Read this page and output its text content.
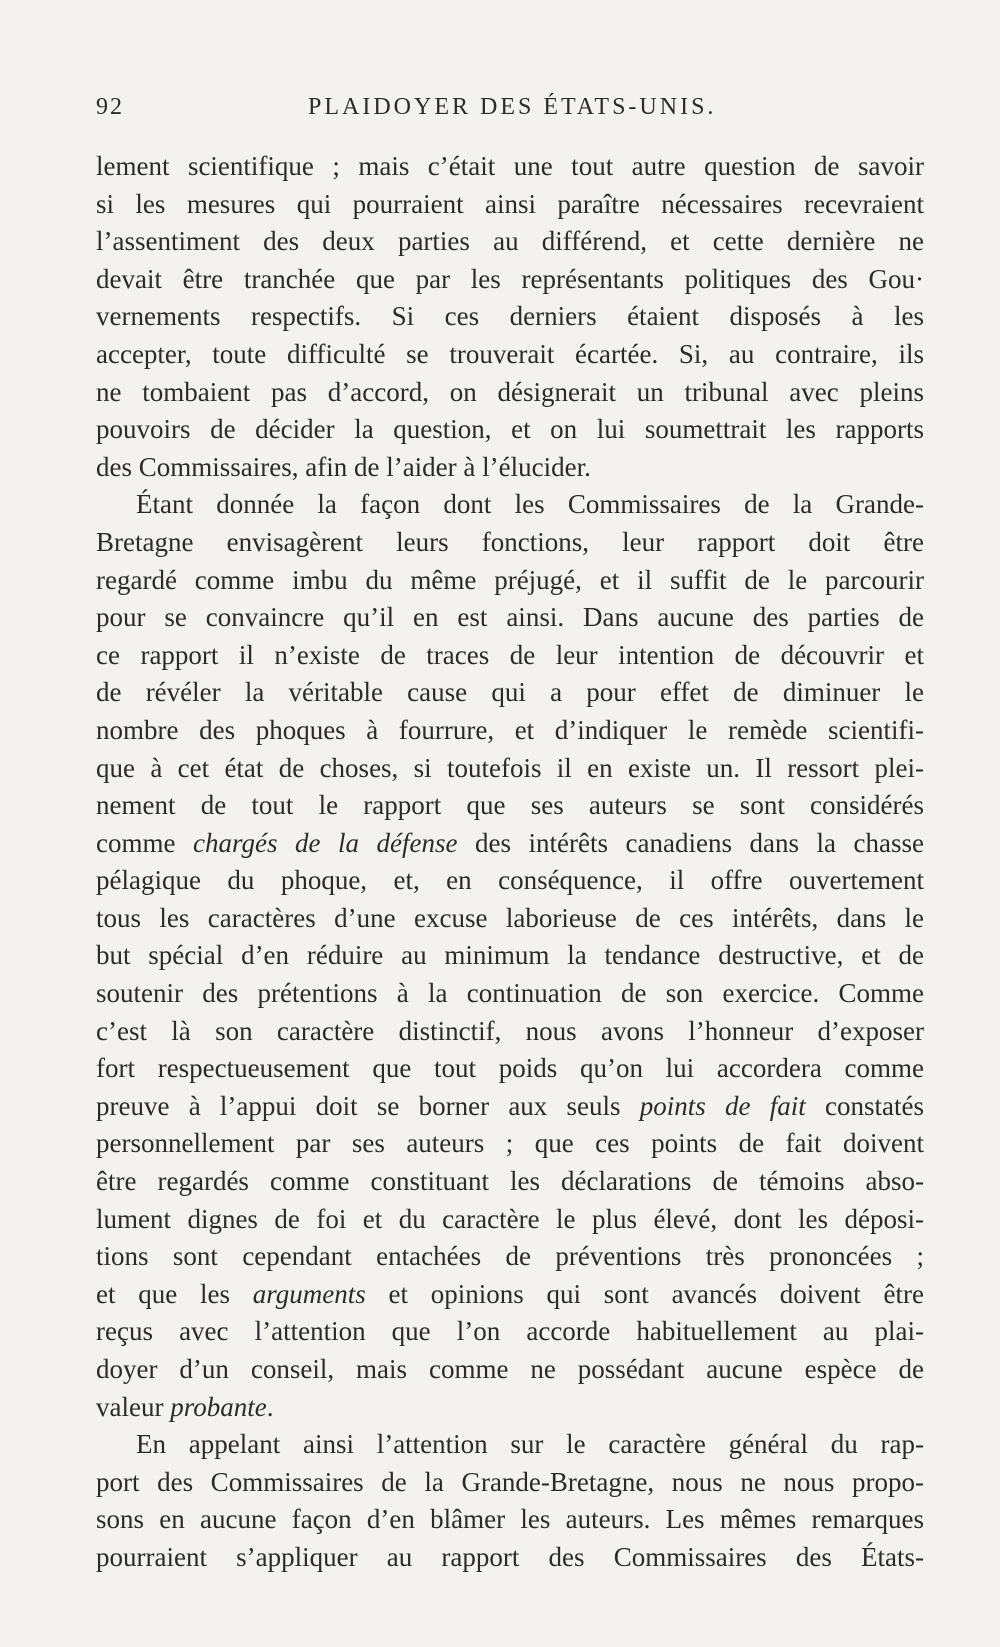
92	PLAIDOYER DES ÉTATS-UNIS.
lement scientifique ; mais c’était une tout autre question de savoir
si les mesures qui pourraient ainsi paraître nécessaires recevraient
l’assentiment des deux parties au différend, et cette dernière ne
devait être tranchée que par les représentants politiques des Gou·
vernements respectifs. Si ces derniers étaient disposés à les
accepter, toute difficulté se trouverait écartée. Si, au contraire, ils
ne tombaient pas d’accord, on désignerait un tribunal avec pleins
pouvoirs de décider la question, et on lui soumettrait les rapports
des Commissaires, afin de l’aider à l’élucider.
Étant donnée la façon dont les Commissaires de la Grande-
Bretagne envisagèrent leurs fonctions, leur rapport doit être
regardé comme imbu du même préjugé, et il suffit de le parcourir
pour se convaincre qu’il en est ainsi. Dans aucune des parties de
ce rapport il n’existe de traces de leur intention de découvrir et
de révéler la véritable cause qui a pour effet de diminuer le
nombre des phoques à fourrure, et d’indiquer le remède scientifi-
que à cet état de choses, si toutefois il en existe un. Il ressort plei-
nement de tout le rapport que ses auteurs se sont considérés
comme chargés de la défense des intérêts canadiens dans la chasse
pélagique du phoque, et, en conséquence, il offre ouvertement
tous les caractères d’une excuse laborieuse de ces intérêts, dans le
but spécial d’en réduire au minimum la tendance destructive, et de
soutenir des prétentions à la continuation de son exercice. Comme
c’est là son caractère distinctif, nous avons l’honneur d’exposer
fort respectueusement que tout poids qu’on lui accordera comme
preuve à l’appui doit se borner aux seuls points de fait constatés
personnellement par ses auteurs ; que ces points de fait doivent
être regardés comme constituant les déclarations de témoins abso-
lument dignes de foi et du caractère le plus élevé, dont les déposi-
tions sont cependant entachées de préventions très prononcées ;
et que les arguments et opinions qui sont avancés doivent être
reçus avec l’attention que l’on accorde habituellement au plai-
doyer d’un conseil, mais comme ne possédant aucune espèce de
valeur probante.
En appelant ainsi l’attention sur le caractère général du rap-
port des Commissaires de la Grande-Bretagne, nous ne nous propo-
sons en aucune façon d’en blâmer les auteurs. Les mêmes remarques
pourraient s’appliquer au rapport des Commissaires des États-
